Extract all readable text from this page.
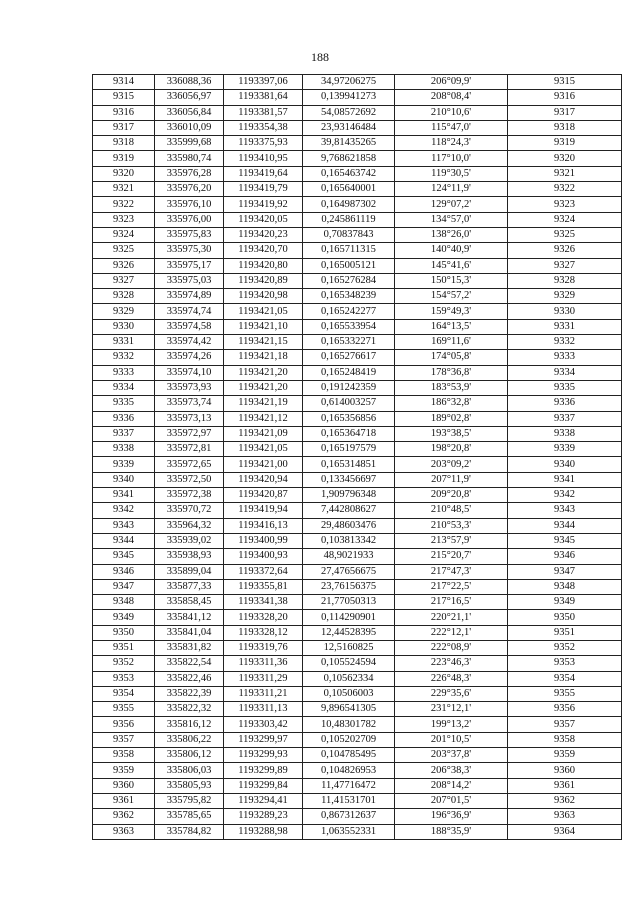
188
9314	336088,36	1193397,06	34,97206275	206°09,9'	9315
9315	336056,97	1193381,64	0,139941273	208°08,4'	9316
9316	336056,84	1193381,57	54,08572692	210°10,6'	9317
9317	336010,09	1193354,38	23,93146484	115°47,0'	9318
9318	335999,68	1193375,93	39,81435265	118°24,3'	9319
9319	335980,74	1193410,95	9,768621858	117°10,0'	9320
9320	335976,28	1193419,64	0,165463742	119°30,5'	9321
9321	335976,20	1193419,79	0,165640001	124°11,9'	9322
9322	335976,10	1193419,92	0,164987302	129°07,2'	9323
9323	335976,00	1193420,05	0,245861119	134°57,0'	9324
9324	335975,83	1193420,23	0,70837843	138°26,0'	9325
9325	335975,30	1193420,70	0,165711315	140°40,9'	9326
9326	335975,17	1193420,80	0,165005121	145°41,6'	9327
9327	335975,03	1193420,89	0,165276284	150°15,3'	9328
9328	335974,89	1193420,98	0,165348239	154°57,2'	9329
9329	335974,74	1193421,05	0,165242277	159°49,3'	9330
9330	335974,58	1193421,10	0,165533954	164°13,5'	9331
9331	335974,42	1193421,15	0,165332271	169°11,6'	9332
9332	335974,26	1193421,18	0,165276617	174°05,8'	9333
9333	335974,10	1193421,20	0,165248419	178°36,8'	9334
9334	335973,93	1193421,20	0,191242359	183°53,9'	9335
9335	335973,74	1193421,19	0,614003257	186°32,8'	9336
9336	335973,13	1193421,12	0,165356856	189°02,8'	9337
9337	335972,97	1193421,09	0,165364718	193°38,5'	9338
9338	335972,81	1193421,05	0,165197579	198°20,8'	9339
9339	335972,65	1193421,00	0,165314851	203°09,2'	9340
9340	335972,50	1193420,94	0,133456697	207°11,9'	9341
9341	335972,38	1193420,87	1,909796348	209°20,8'	9342
9342	335970,72	1193419,94	7,442808627	210°48,5'	9343
9343	335964,32	1193416,13	29,48603476	210°53,3'	9344
9344	335939,02	1193400,99	0,103813342	213°57,9'	9345
9345	335938,93	1193400,93	48,9021933	215°20,7'	9346
9346	335899,04	1193372,64	27,47656675	217°47,3'	9347
9347	335877,33	1193355,81	23,76156375	217°22,5'	9348
9348	335858,45	1193341,38	21,77050313	217°16,5'	9349
9349	335841,12	1193328,20	0,114290901	220°21,1'	9350
9350	335841,04	1193328,12	12,44528395	222°12,1'	9351
9351	335831,82	1193319,76	12,5160825	222°08,9'	9352
9352	335822,54	1193311,36	0,105524594	223°46,3'	9353
9353	335822,46	1193311,29	0,10562334	226°48,3'	9354
9354	335822,39	1193311,21	0,10506003	229°35,6'	9355
9355	335822,32	1193311,13	9,896541305	231°12,1'	9356
9356	335816,12	1193303,42	10,48301782	199°13,2'	9357
9357	335806,22	1193299,97	0,105202709	201°10,5'	9358
9358	335806,12	1193299,93	0,104785495	203°37,8'	9359
9359	335806,03	1193299,89	0,104826953	206°38,3'	9360
9360	335805,93	1193299,84	11,47716472	208°14,2'	9361
9361	335795,82	1193294,41	11,41531701	207°01,5'	9362
9362	335785,65	1193289,23	0,867312637	196°36,9'	9363
9363	335784,82	1193288,98	1,063552331	188°35,9'	9364
